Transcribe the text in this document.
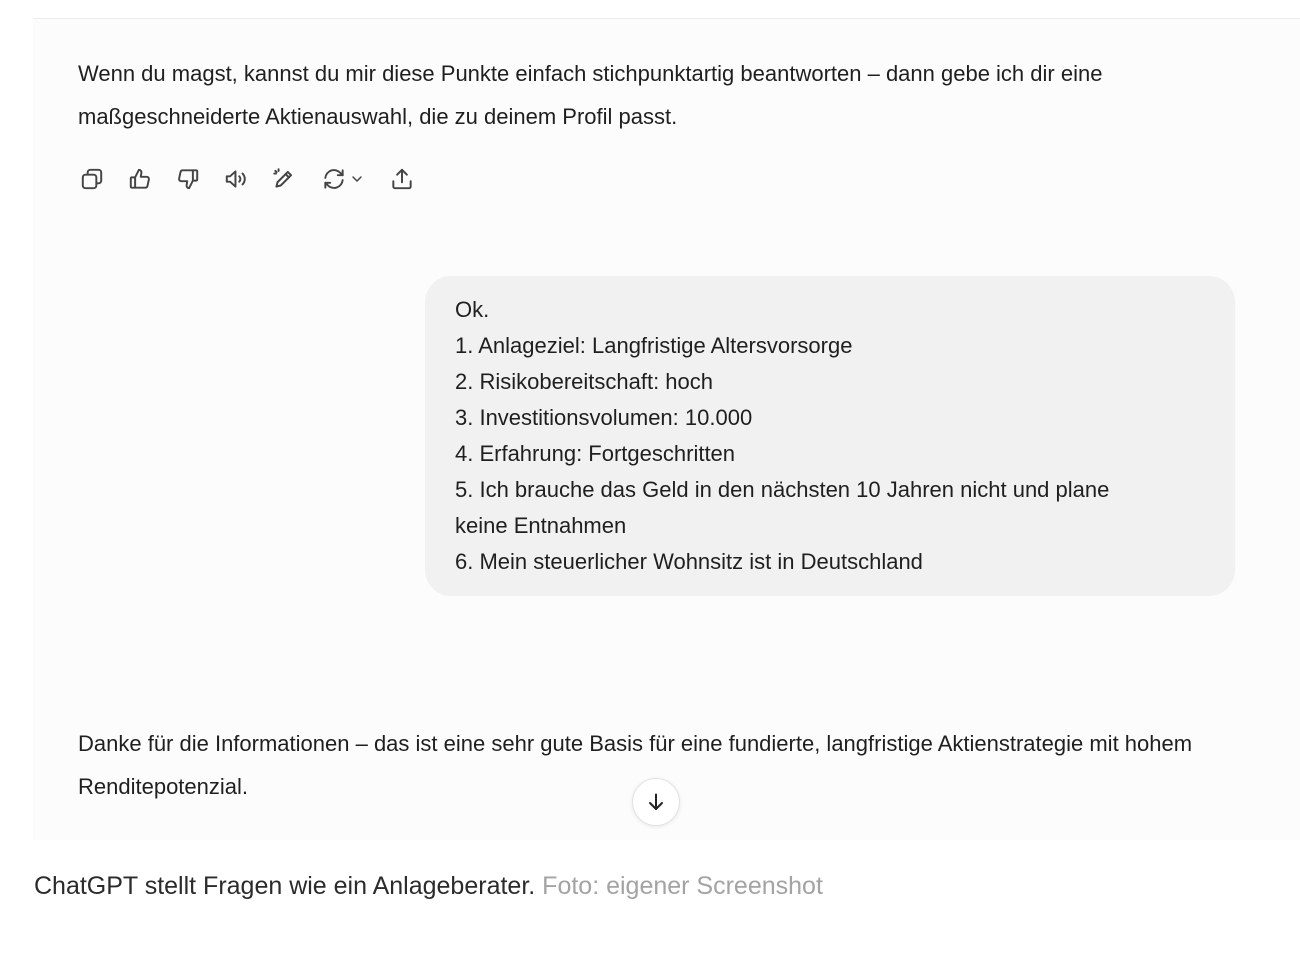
Wenn du magst, kannst du mir diese Punkte einfach stichpunktartig beantworten – dann gebe ich dir eine maßgeschneiderte Aktienauswahl, die zu deinem Profil passt.

Ok.
1. Anlageziel: Langfristige Altersvorsorge
2. Risikobereitschaft: hoch
3. Investitionsvolumen: 10.000
4. Erfahrung: Fortgeschritten
5. Ich brauche das Geld in den nächsten 10 Jahren nicht und plane
keine Entnahmen
6. Mein steuerlicher Wohnsitz ist in Deutschland

Danke für die Informationen – das ist eine sehr gute Basis für eine fundierte, langfristige Aktienstrategie mit hohem Renditepotenzial.

ChatGPT stellt Fragen wie ein Anlageberater. Foto: eigener Screenshot
